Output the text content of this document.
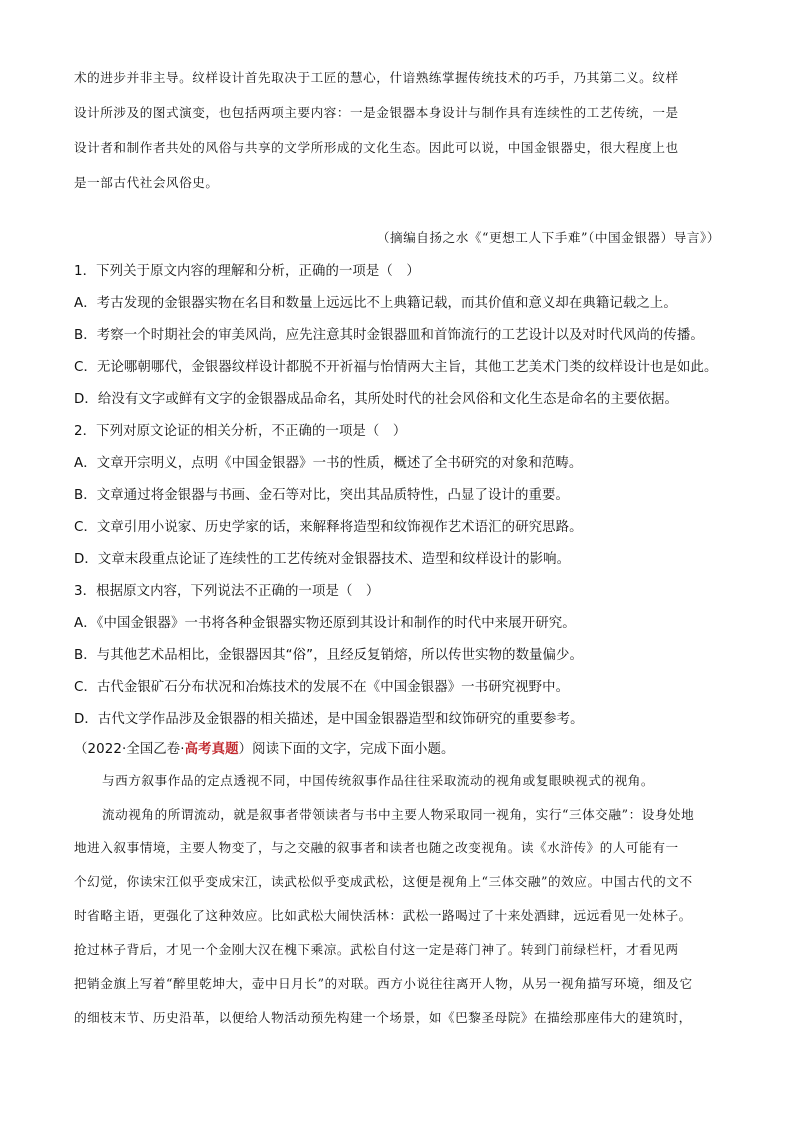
术的进步并非主导。纹样设计首先取决于工匠的慧心，什谙熟练掌握传统技术的巧手，乃其第二义。纹样
设计所涉及的图式演变，也包括两项主要内容：一是金银器本身设计与制作具有连续性的工艺传统，一是
设计者和制作者共处的风俗与共享的文学所形成的文化生态。因此可以说，中国金银器史，很大程度上也
是一部古代社会风俗史。
（摘编自扬之水《“更想工人下手难”（中国金银器）导言》）
1．下列关于原文内容的理解和分析，正确的一项是（　）
A．考古发现的金银器实物在名目和数量上远远比不上典籍记载，而其价值和意义却在典籍记载之上。
B．考察一个时期社会的审美风尚，应先注意其时金银器皿和首饰流行的工艺设计以及对时代风尚的传播。
C．无论哪朝哪代，金银器纹样设计都脱不开祈福与怡情两大主旨，其他工艺美术门类的纹样设计也是如此。
D．给没有文字或鲜有文字的金银器成品命名，其所处时代的社会风俗和文化生态是命名的主要依据。
2．下列对原文论证的相关分析，不正确的一项是（　）
A．文章开宗明义，点明《中国金银器》一书的性质，概述了全书研究的对象和范畴。
B．文章通过将金银器与书画、金石等对比，突出其品质特性，凸显了设计的重要。
C．文章引用小说家、历史学家的话，来解释将造型和纹饰视作艺术语汇的研究思路。
D．文章末段重点论证了连续性的工艺传统对金银器技术、造型和纹样设计的影响。
3．根据原文内容，下列说法不正确的一项是（　）
A．《中国金银器》一书将各种金银器实物还原到其设计和制作的时代中来展开研究。
B．与其他艺术品相比，金银器因其“俗”，且经反复销熔，所以传世实物的数量偏少。
C．古代金银矿石分布状况和冶炼技术的发展不在《中国金银器》一书研究视野中。
D．古代文学作品涉及金银器的相关描述，是中国金银器造型和纹饰研究的重要参考。
（2022·全国乙卷·高考真题）阅读下面的文字，完成下面小题。
与西方叙事作品的定点透视不同，中国传统叙事作品往往采取流动的视角或复眼映视式的视角。
流动视角的所谓流动，就是叙事者带领读者与书中主要人物采取同一视角，实行“三体交融”：设身处地
地进入叙事情境，主要人物变了，与之交融的叙事者和读者也随之改变视角。读《水浒传》的人可能有一
个幻觉，你读宋江似乎变成宋江，读武松似乎变成武松，这便是视角上“三体交融”的效应。中国古代的文不
时省略主语，更强化了这种效应。比如武松大闹快活林：武松一路喝过了十来处酒肆，远远看见一处林子。
抢过林子背后，才见一个金刚大汉在槐下乘凉。武松自付这一定是蒋门神了。转到门前绿栏杆，才看见两
把销金旗上写着“醉里乾坤大，壶中日月长”的对联。西方小说往往离开人物，从另一视角描写环境，细及它
的细枝末节、历史沿革，以便给人物活动预先构建一个场景，如《巴黎圣母院》在描绘那座伟大的建筑时，
